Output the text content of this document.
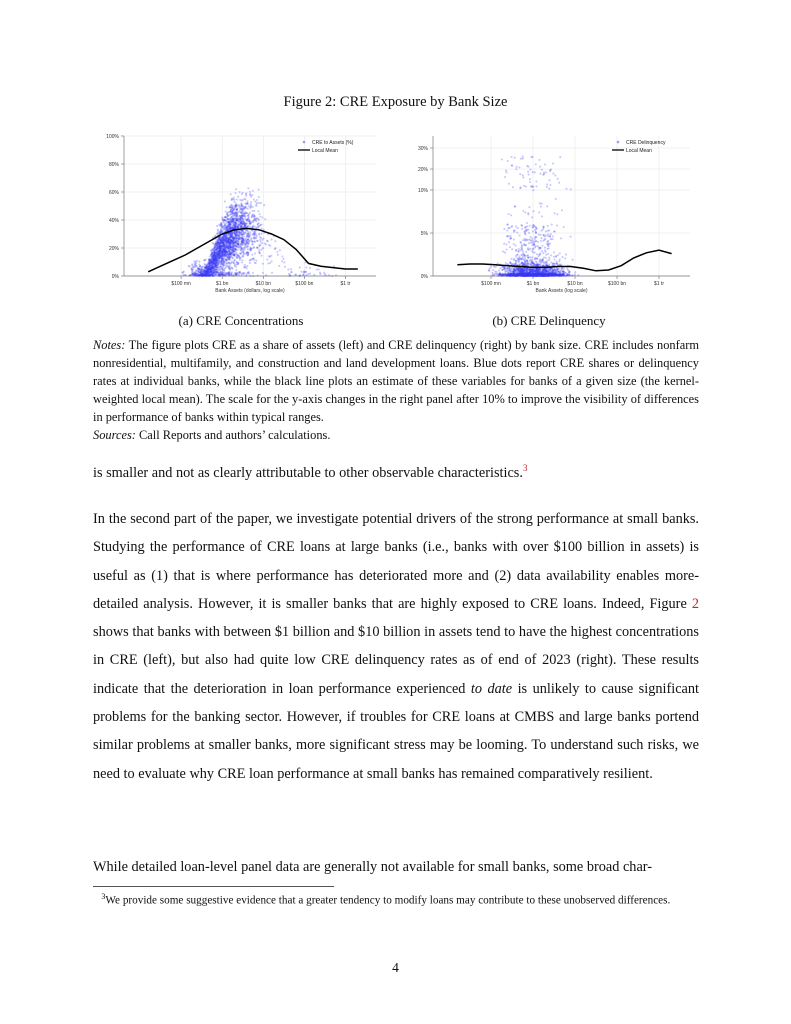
Figure 2: CRE Exposure by Bank Size
0%
20%
40%
60%
80%
100%
$100 mn	$1 bn	$10 bn	$100 bn	$1 tr
Bank Assets (dollars, log scale)
CRE to Assets (%)
Local Mean
0%
5%
10%
20%
30%
$100 mn	$1 bn	$10 bn	$100 bn	$1 tr
Bank Assets (log scale)
CRE Delinquency
Local Mean
(a) CRE Concentrations	(b) CRE Delinquency
Notes: The figure plots CRE as a share of assets (left) and CRE delinquency (right) by bank size. CRE includes nonfarm nonresidential, multifamily, and construction and land development loans. Blue dots report CRE shares or delinquency rates at individual banks, while the black line plots an estimate of these variables for banks of a given size (the kernel-weighted local mean). The scale for the y-axis changes in the right panel after 10% to improve the visibility of differences in performance of banks within typical ranges.
Sources: Call Reports and authors’ calculations.
is smaller and not as clearly attributable to other observable characteristics.$^3$

In the second part of the paper, we investigate potential drivers of the strong performance at small banks. Studying the performance of CRE loans at large banks (i.e., banks with over $100 billion in assets) is useful as (1) that is where performance has deteriorated more and (2) data availability enables more-detailed analysis. However, it is smaller banks that are highly exposed to CRE loans. Indeed, Figure 2 shows that banks with between $1 billion and $10 billion in assets tend to have the highest concentrations in CRE (left), but also had quite low CRE delinquency rates as of end of 2023 (right). These results indicate that the deterioration in loan performance experienced to date is unlikely to cause significant problems for the banking sector. However, if troubles for CRE loans at CMBS and large banks portend similar problems at smaller banks, more significant stress may be looming. To understand such risks, we need to evaluate why CRE loan performance at small banks has remained comparatively resilient.

While detailed loan-level panel data are generally not available for small banks, some broad char-
$^3$We provide some suggestive evidence that a greater tendency to modify loans may contribute to these unobserved differences.
4
